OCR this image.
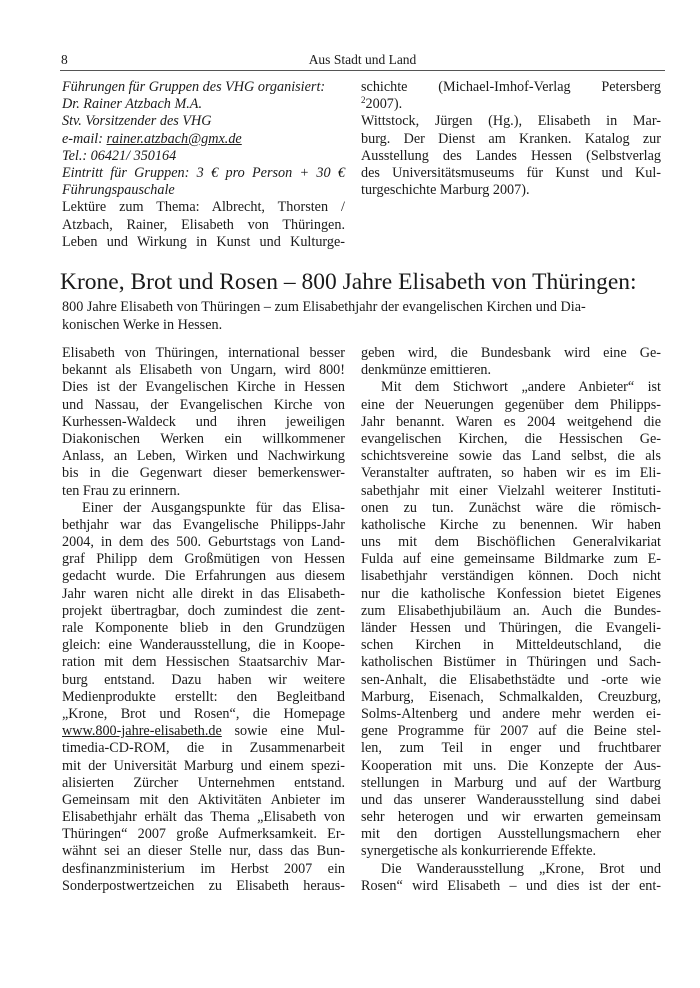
8	Aus Stadt und Land
Führungen für Gruppen des VHG organisiert:
Dr. Rainer Atzbach M.A.
Stv. Vorsitzender des VHG
e-mail: rainer.atzbach@gmx.de
Tel.: 06421/ 350164
Eintritt für Gruppen: 3 € pro Person + 30 €
Führungspauschale
Lektüre zum Thema: Albrecht, Thorsten /
Atzbach, Rainer, Elisabeth von Thüringen.
Leben und Wirkung in Kunst und Kulturge-
schichte (Michael-Imhof-Verlag Petersberg
$^2$2007).
Wittstock, Jürgen (Hg.), Elisabeth in Mar-
burg. Der Dienst am Kranken. Katalog zur
Ausstellung des Landes Hessen (Selbstverlag
des Universitätsmuseums für Kunst und Kul-
turgeschichte Marburg 2007).
Krone, Brot und Rosen – 800 Jahre Elisabeth von Thüringen:
800 Jahre Elisabeth von Thüringen – zum Elisabethjahr der evangelischen Kirchen und Dia-
konischen Werke in Hessen.
Elisabeth von Thüringen, international besser
bekannt als Elisabeth von Ungarn, wird 800!
Dies ist der Evangelischen Kirche in Hessen
und Nassau, der Evangelischen Kirche von
Kurhessen-Waldeck und ihren jeweiligen
Diakonischen Werken ein willkommener
Anlass, an Leben, Wirken und Nachwirkung
bis in die Gegenwart dieser bemerkenswer-
ten Frau zu erinnern.
Einer der Ausgangspunkte für das Elisa-
bethjahr war das Evangelische Philipps-Jahr
2004, in dem des 500. Geburtstags von Land-
graf Philipp dem Großmütigen von Hessen
gedacht wurde. Die Erfahrungen aus diesem
Jahr waren nicht alle direkt in das Elisabeth-
projekt übertragbar, doch zumindest die zent-
rale Komponente blieb in den Grundzügen
gleich: eine Wanderausstellung, die in Koope-
ration mit dem Hessischen Staatsarchiv Mar-
burg entstand. Dazu haben wir weitere
Medienprodukte erstellt: den Begleitband
„Krone, Brot und Rosen“, die Homepage
www.800-jahre-elisabeth.de sowie eine Mul-
timedia-CD-ROM, die in Zusammenarbeit
mit der Universität Marburg und einem spezi-
alisierten Zürcher Unternehmen entstand.
Gemeinsam mit den Aktivitäten Anbieter im
Elisabethjahr erhält das Thema „Elisabeth von
Thüringen“ 2007 große Aufmerksamkeit. Er-
wähnt sei an dieser Stelle nur, dass das Bun-
desfinanzministerium im Herbst 2007 ein
Sonderpostwertzeichen zu Elisabeth heraus-
geben wird, die Bundesbank wird eine Ge-
denkmünze emittieren.
Mit dem Stichwort „andere Anbieter“ ist
eine der Neuerungen gegenüber dem Philipps-
Jahr benannt. Waren es 2004 weitgehend die
evangelischen Kirchen, die Hessischen Ge-
schichtsvereine sowie das Land selbst, die als
Veranstalter auftraten, so haben wir es im Eli-
sabethjahr mit einer Vielzahl weiterer Instituti-
onen zu tun. Zunächst wäre die römisch-
katholische Kirche zu benennen. Wir haben
uns mit dem Bischöflichen Generalvikariat
Fulda auf eine gemeinsame Bildmarke zum E-
lisabethjahr verständigen können. Doch nicht
nur die katholische Konfession bietet Eigenes
zum Elisabethjubiläum an. Auch die Bundes-
länder Hessen und Thüringen, die Evangeli-
schen Kirchen in Mitteldeutschland, die
katholischen Bistümer in Thüringen und Sach-
sen-Anhalt, die Elisabethstädte und -orte wie
Marburg, Eisenach, Schmalkalden, Creuzburg,
Solms-Altenberg und andere mehr werden ei-
gene Programme für 2007 auf die Beine stel-
len, zum Teil in enger und fruchtbarer
Kooperation mit uns. Die Konzepte der Aus-
stellungen in Marburg und auf der Wartburg
und das unserer Wanderausstellung sind dabei
sehr heterogen und wir erwarten gemeinsam
mit den dortigen Ausstellungsmachern eher
synergetische als konkurrierende Effekte.
Die Wanderausstellung „Krone, Brot und
Rosen“ wird Elisabeth – und dies ist der ent-
